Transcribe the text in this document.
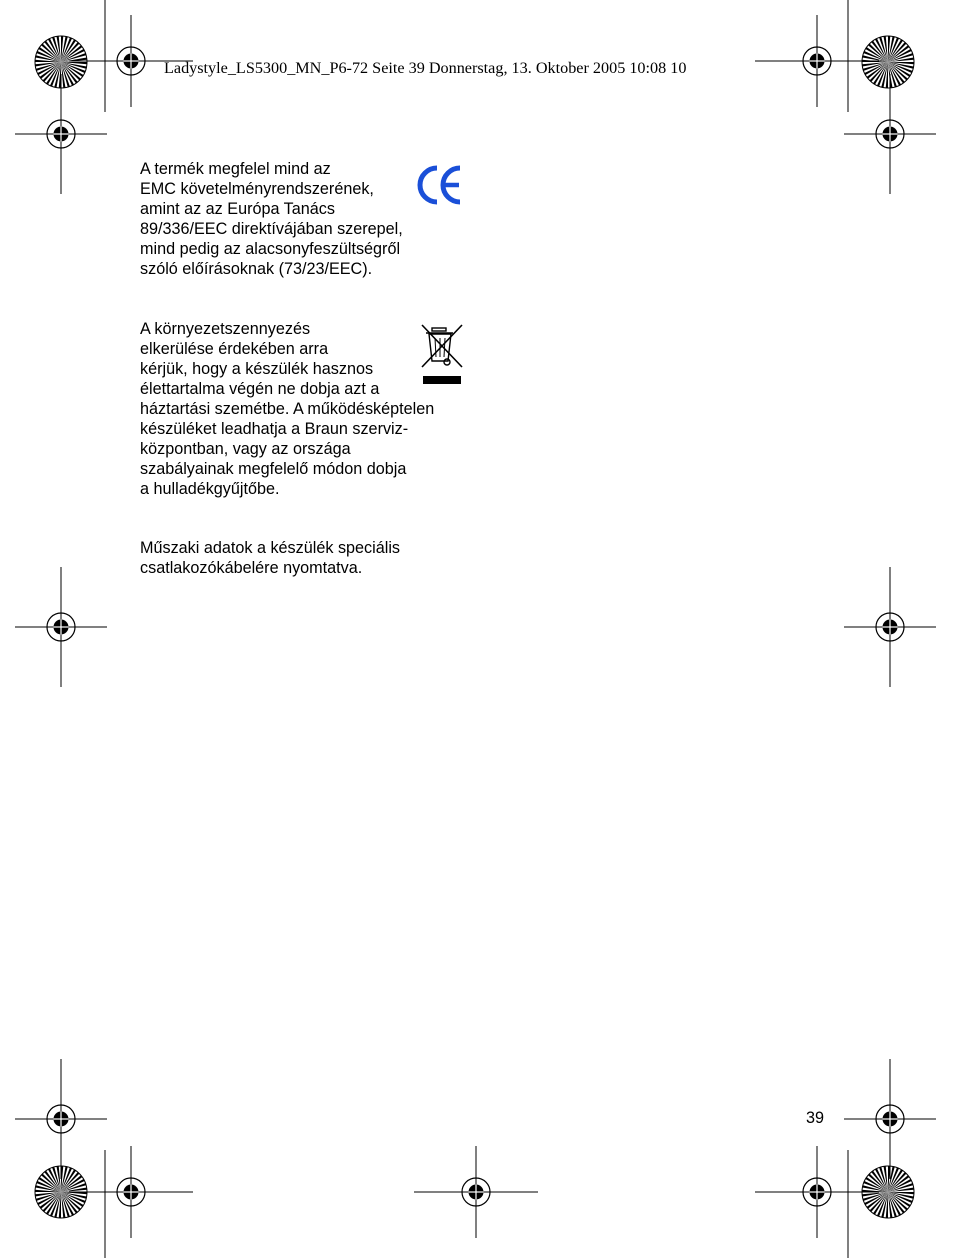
Ladystyle_LS5300_MN_P6-72 Seite 39 Donnerstag, 13. Oktober 2005 10:08 10
A termék megfelel mind az
EMC követelményrendszerének,
amint az az Európa Tanács
89/336/EEC direktívájában szerepel,
mind pedig az alacsonyfeszültségről
szóló előírásoknak (73/23/EEC).
A környezetszennyezés
elkerülése érdekében arra
kérjük, hogy a készülék hasznos
élettartalma végén ne dobja azt a
háztartási szemétbe. A működésképtelen
készüléket leadhatja a Braun szerviz-
központban, vagy az országa
szabályainak megfelelő módon dobja
a hulladékgyűjtőbe.
Műszaki adatok a készülék speciális
csatlakozókábelére nyomtatva.
39
